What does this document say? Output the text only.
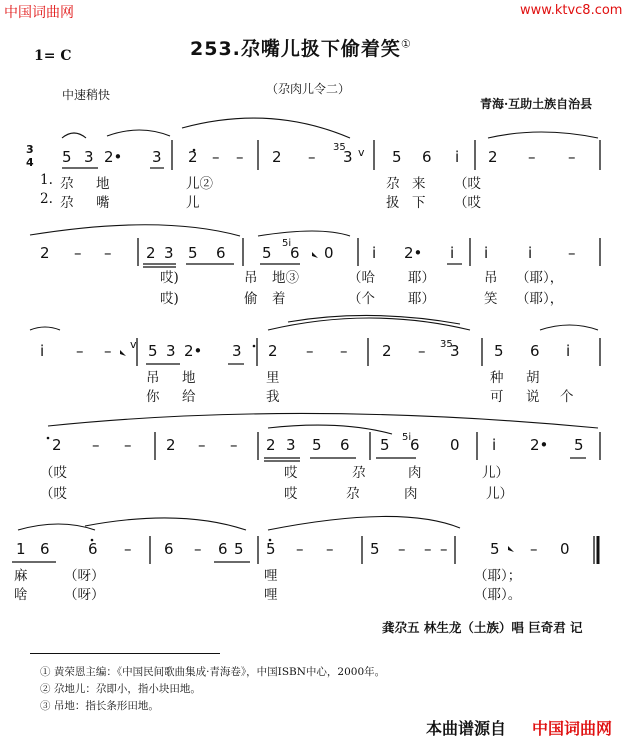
中国词曲网	www.ktvc8.com
253.尕嘴儿扱下偷着笑①
1= C
中速稍快	（尕肉儿令二）
青海·互助土族自治县
35
35
5i
5i
3
4
v
v
5 3 2• 3 2 – – 2 – 3	5 6 i 2 – –
1. 尕 地	儿②	尕 来 （哎
2. 尕 嘴	儿	扱 下 （哎
2 – – 2 3 5 6 5 6 0	i 2• i i	i –
哎)	吊 地③	（哈 耶）	吊 （耶），
哎)	偷 着	（个 耶）	笑 （耶），
i – – 5 3 2• 3 2 – – 2 – 3 5 6 i
吊 地	里	种 胡
你 给	我	可 说 个
2 – – 2 – – 2 3 5 6 5 6 0 i 2• 5
（哎	哎	尕	肉	儿）
（哎	哎	尕	肉	儿）
1 6	6 – 6 – 6 5 5 – – 5 – – –	5 – 0
麻	（呀）	哩	（耶）；
啥	（呀）	哩	（耶）。
龚尕五 林生龙（土族）唱 巨奇君 记
① 黄荣恩主编：《中国民间歌曲集成·青海卷》，中国ISBN中心，2000年。
② 尕地儿：尕即小，指小块田地。
③ 吊地：指长条形田地。
本曲谱源自 中国词曲网
